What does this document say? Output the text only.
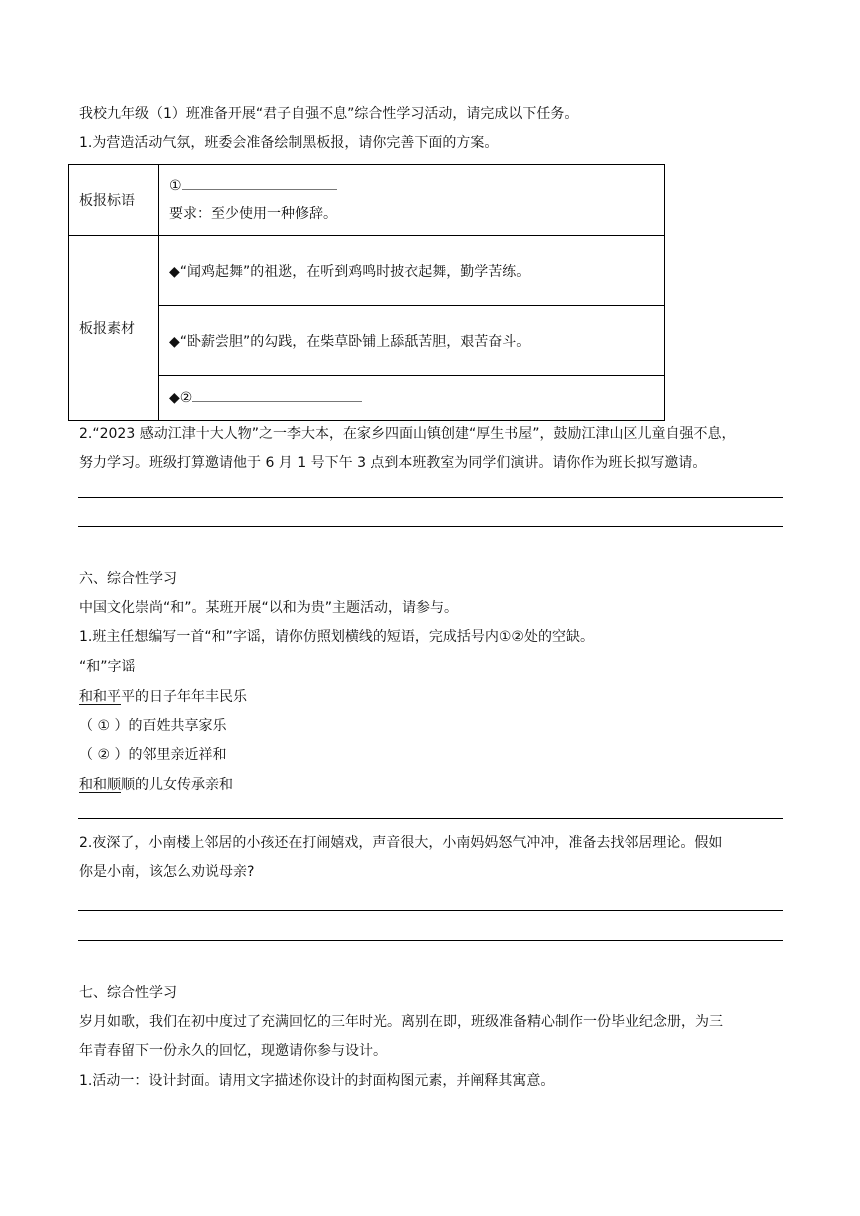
我校九年级（1）班准备开展“君子自强不息”综合性学习活动，请完成以下任务。
1.为营造活动气氛，班委会准备绘制黑板报，请你完善下面的方案。
板报标语	①
要求：至少使用一种修辞。

板报素材	◆“闻鸡起舞”的祖逖，在听到鸡鸣时披衣起舞，勤学苦练。
	◆“卧薪尝胆”的勾践，在柴草卧铺上舔舐苦胆，艰苦奋斗。
	◆②
2.“2023 感动江津十大人物”之一李大本，在家乡四面山镇创建“厚生书屋”，鼓励江津山区儿童自强不息，
努力学习。班级打算邀请他于 6 月 1 号下午 3 点到本班教室为同学们演讲。请你作为班长拟写邀请。
六、综合性学习
中国文化崇尚“和”。某班开展“以和为贵”主题活动，请参与。
1.班主任想编写一首“和”字谣，请你仿照划横线的短语，完成括号内①②处的空缺。
“和”字谣
和和平平的日子年年丰民乐
（ ① ）的百姓共享家乐
（ ② ）的邻里亲近祥和
和和顺顺的儿女传承亲和
2.夜深了，小南楼上邻居的小孩还在打闹嬉戏，声音很大，小南妈妈怒气冲冲，准备去找邻居理论。假如
你是小南，该怎么劝说母亲?
七、综合性学习
岁月如歌，我们在初中度过了充满回忆的三年时光。离别在即，班级准备精心制作一份毕业纪念册，为三
年青春留下一份永久的回忆，现邀请你参与设计。
1.活动一：设计封面。请用文字描述你设计的封面构图元素，并阐释其寓意。
